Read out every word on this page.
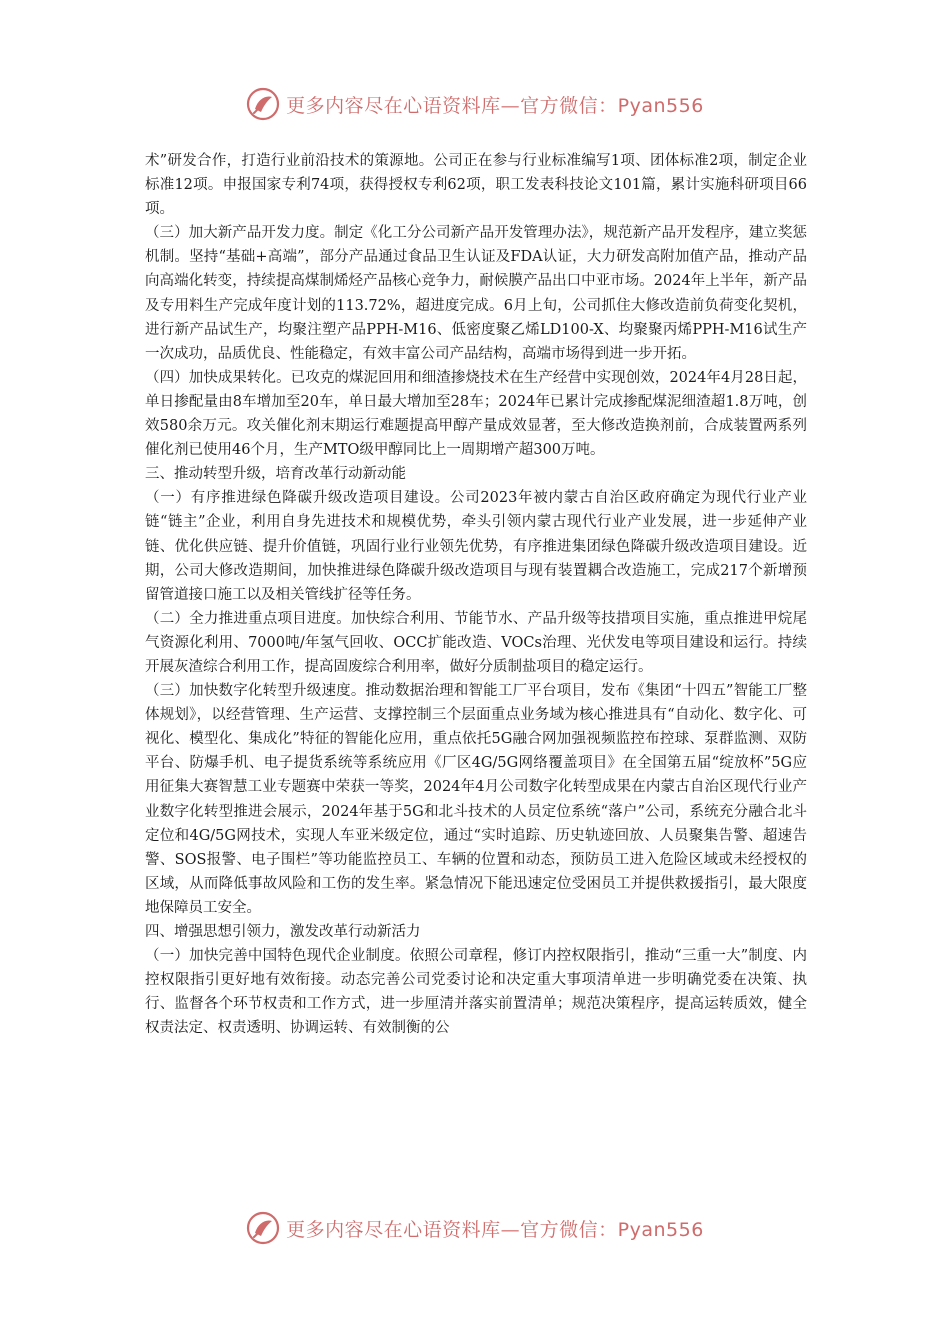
更多内容尽在心语资料库—官方微信：Pyan556

术”研发合作，打造行业前沿技术的策源地。公司正在参与行业标准编写1项、团体标准2项，制定企业标准12项。申报国家专利74项，获得授权专利62项，职工发表科技论文101篇，累计实施科研项目66项。

（三）加大新产品开发力度。制定《化工分公司新产品开发管理办法》，规范新产品开发程序，建立奖惩机制。坚持“基础+高端”，部分产品通过食品卫生认证及FDA认证，大力研发高附加值产品，推动产品向高端化转变，持续提高煤制烯烃产品核心竞争力，耐候膜产品出口中亚市场。2024年上半年，新产品及专用料生产完成年度计划的113.72%，超进度完成。6月上旬，公司抓住大修改造前负荷变化契机，进行新产品试生产，均聚注塑产品PPH-M16、低密度聚乙烯LD100-X、均聚聚丙烯PPH-M16试生产一次成功，品质优良、性能稳定，有效丰富公司产品结构，高端市场得到进一步开拓。

（四）加快成果转化。已攻克的煤泥回用和细渣掺烧技术在生产经营中实现创效，2024年4月28日起，单日掺配量由8车增加至20车，单日最大增加至28车；2024年已累计完成掺配煤泥细渣超1.8万吨，创效580余万元。攻关催化剂末期运行难题提高甲醇产量成效显著，至大修改造换剂前，合成装置两系列催化剂已使用46个月，生产MTO级甲醇同比上一周期增产超300万吨。

三、推动转型升级，培育改革行动新动能

（一）有序推进绿色降碳升级改造项目建设。公司2023年被内蒙古自治区政府确定为现代行业产业链“链主”企业，利用自身先进技术和规模优势，牵头引领内蒙古现代行业产业发展，进一步延伸产业链、优化供应链、提升价值链，巩固行业行业领先优势，有序推进集团绿色降碳升级改造项目建设。近期，公司大修改造期间，加快推进绿色降碳升级改造项目与现有装置耦合改造施工，完成217个新增预留管道接口施工以及相关管线扩径等任务。

（二）全力推进重点项目进度。加快综合利用、节能节水、产品升级等技措项目实施，重点推进甲烷尾气资源化利用、7000吨/年氢气回收、OCC扩能改造、VOCs治理、光伏发电等项目建设和运行。持续开展灰渣综合利用工作，提高固废综合利用率，做好分质制盐项目的稳定运行。

（三）加快数字化转型升级速度。推动数据治理和智能工厂平台项目，发布《集团“十四五”智能工厂整体规划》，以经营管理、生产运营、支撑控制三个层面重点业务域为核心推进具有“自动化、数字化、可视化、模型化、集成化”特征的智能化应用，重点依托5G融合网加强视频监控布控球、泵群监测、双防平台、防爆手机、电子提货系统等系统应用《厂区4G/5G网络覆盖项目》在全国第五届“绽放杯”5G应用征集大赛智慧工业专题赛中荣获一等奖，2024年4月公司数字化转型成果在内蒙古自治区现代行业产业数字化转型推进会展示，2024年基于5G和北斗技术的人员定位系统“落户”公司，系统充分融合北斗定位和4G/5G网技术，实现人车亚米级定位，通过“实时追踪、历史轨迹回放、人员聚集告警、超速告警、SOS报警、电子围栏”等功能监控员工、车辆的位置和动态，预防员工进入危险区域或未经授权的区域，从而降低事故风险和工伤的发生率。紧急情况下能迅速定位受困员工并提供救援指引，最大限度地保障员工安全。

四、增强思想引领力，激发改革行动新活力

（一）加快完善中国特色现代企业制度。依照公司章程，修订内控权限指引，推动“三重一大”制度、内控权限指引更好地有效衔接。动态完善公司党委讨论和决定重大事项清单进一步明确党委在决策、执行、监督各个环节权责和工作方式，进一步厘清并落实前置清单；规范决策程序，提高运转质效，健全权责法定、权责透明、协调运转、有效制衡的公

更多内容尽在心语资料库—官方微信：Pyan556
